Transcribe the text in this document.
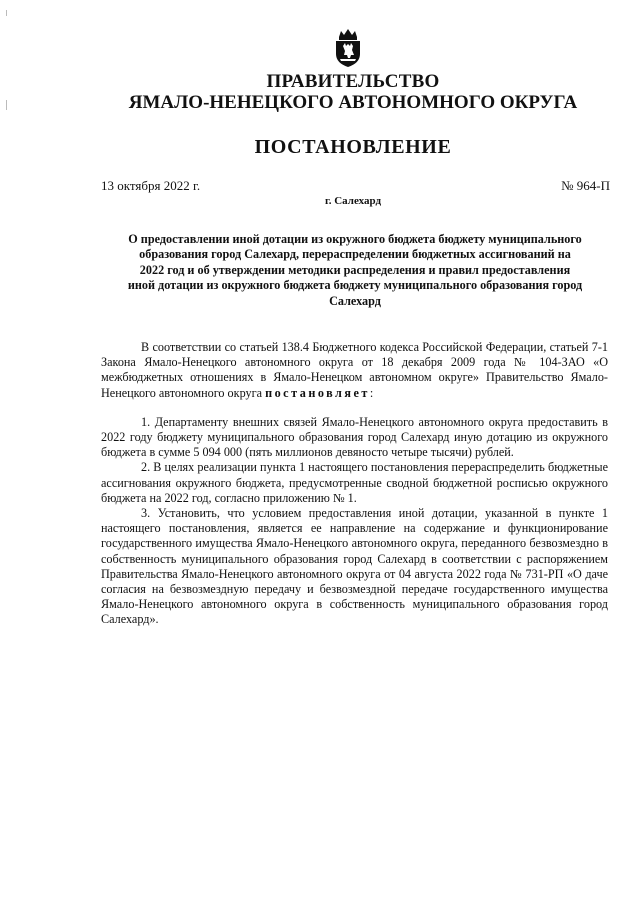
ПРАВИТЕЛЬСТВО
ЯМАЛО-НЕНЕЦКОГО АВТОНОМНОГО ОКРУГА
ПОСТАНОВЛЕНИЕ
13 октября 2022 г.	№ 964-П
г. Салехард
О предоставлении иной дотации из окружного бюджета бюджету муниципального образования город Салехард, перераспределении бюджетных ассигнований на 2022 год и об утверждении методики распределения и правил предоставления иной дотации из окружного бюджета бюджету муниципального образования город Салехард

В соответствии со статьей 138.4 Бюджетного кодекса Российской Федерации, статьей 7-1 Закона Ямало-Ненецкого автономного округа от 18 декабря 2009 года № 104-ЗАО «О межбюджетных отношениях в Ямало-Ненецком автономном округе» Правительство Ямало-Ненецкого автономного округа постановляет:

1. Департаменту внешних связей Ямало-Ненецкого автономного округа предоставить в 2022 году бюджету муниципального образования город Салехард иную дотацию из окружного бюджета в сумме 5 094 000 (пять миллионов девяносто четыре тысячи) рублей.

2. В целях реализации пункта 1 настоящего постановления перераспределить бюджетные ассигнования окружного бюджета, предусмотренные сводной бюджетной росписью окружного бюджета на 2022 год, согласно приложению № 1.

3. Установить, что условием предоставления иной дотации, указанной в пункте 1 настоящего постановления, является ее направление на содержание и функционирование государственного имущества Ямало-Ненецкого автономного округа, переданного безвозмездно в собственность муниципального образования город Салехард в соответствии с распоряжением Правительства Ямало-Ненецкого автономного округа от 04 августа 2022 года № 731-РП «О даче согласия на безвозмездную передачу и безвозмездной передаче государственного имущества Ямало-Ненецкого автономного округа в собственность муниципального образования город Салехард».
